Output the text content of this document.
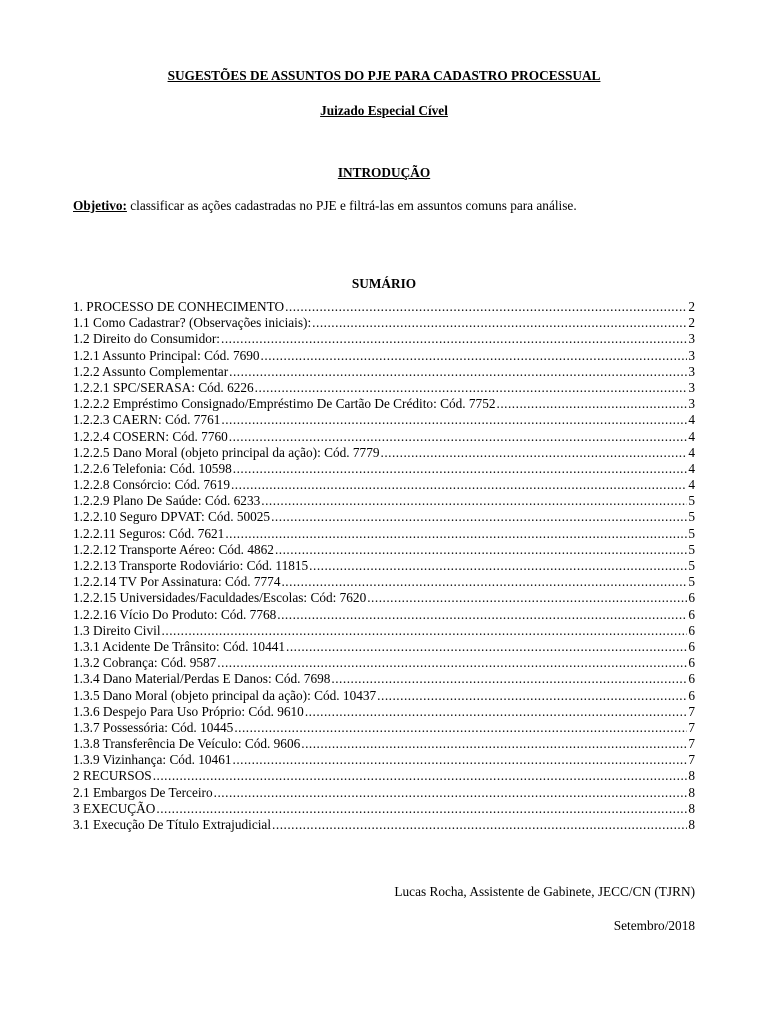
SUGESTÕES DE ASSUNTOS DO PJE PARA CADASTRO PROCESSUAL
Juizado Especial Cível
INTRODUÇÃO
Objetivo: classificar as ações cadastradas no PJE e filtrá-las em assuntos comuns para análise.
SUMÁRIO
1. PROCESSO DE CONHECIMENTO .....	2
1.1 Como Cadastrar? (Observações iniciais): .....	2
1.2 Direito do Consumidor: .....	3
1.2.1 Assunto Principal: Cód. 7690 .....	3
1.2.2 Assunto Complementar .....	3
1.2.2.1 SPC/SERASA: Cód. 6226 .....	3
1.2.2.2 Empréstimo Consignado/Empréstimo De Cartão De Crédito: Cód. 7752 .....	3
1.2.2.3 CAERN: Cód. 7761 .....	4
1.2.2.4 COSERN: Cód. 7760 .....	4
1.2.2.5 Dano Moral (objeto principal da ação): Cód. 7779 .....	4
1.2.2.6 Telefonia: Cód. 10598 .....	4
1.2.2.8 Consórcio: Cód. 7619 .....	4
1.2.2.9 Plano De Saúde: Cód. 6233 .....	5
1.2.2.10 Seguro DPVAT: Cód. 50025 .....	5
1.2.2.11 Seguros: Cód. 7621 .....	5
1.2.2.12 Transporte Aéreo: Cód. 4862 .....	5
1.2.2.13 Transporte Rodoviário: Cód. 11815 .....	5
1.2.2.14 TV Por Assinatura: Cód. 7774 .....	5
1.2.2.15 Universidades/Faculdades/Escolas: Cód: 7620 .....	6
1.2.2.16 Vício Do Produto: Cód. 7768 .....	6
1.3 Direito Civil .....	6
1.3.1 Acidente De Trânsito: Cód. 10441 .....	6
1.3.2 Cobrança: Cód. 9587 .....	6
1.3.4 Dano Material/Perdas E Danos: Cód. 7698 .....	6
1.3.5 Dano Moral (objeto principal da ação): Cód. 10437 .....	6
1.3.6 Despejo Para Uso Próprio: Cód. 9610 .....	7
1.3.7 Possessória: Cód. 10445 .....	7
1.3.8 Transferência De Veículo: Cód. 9606 .....	7
1.3.9 Vizinhança: Cód. 10461 .....	7
2 RECURSOS .....	8
2.1 Embargos De Terceiro .....	8
3 EXECUÇÃO .....	8
3.1 Execução De Título Extrajudicial .....	8
Lucas Rocha, Assistente de Gabinete, JECC/CN (TJRN)
Setembro/2018
